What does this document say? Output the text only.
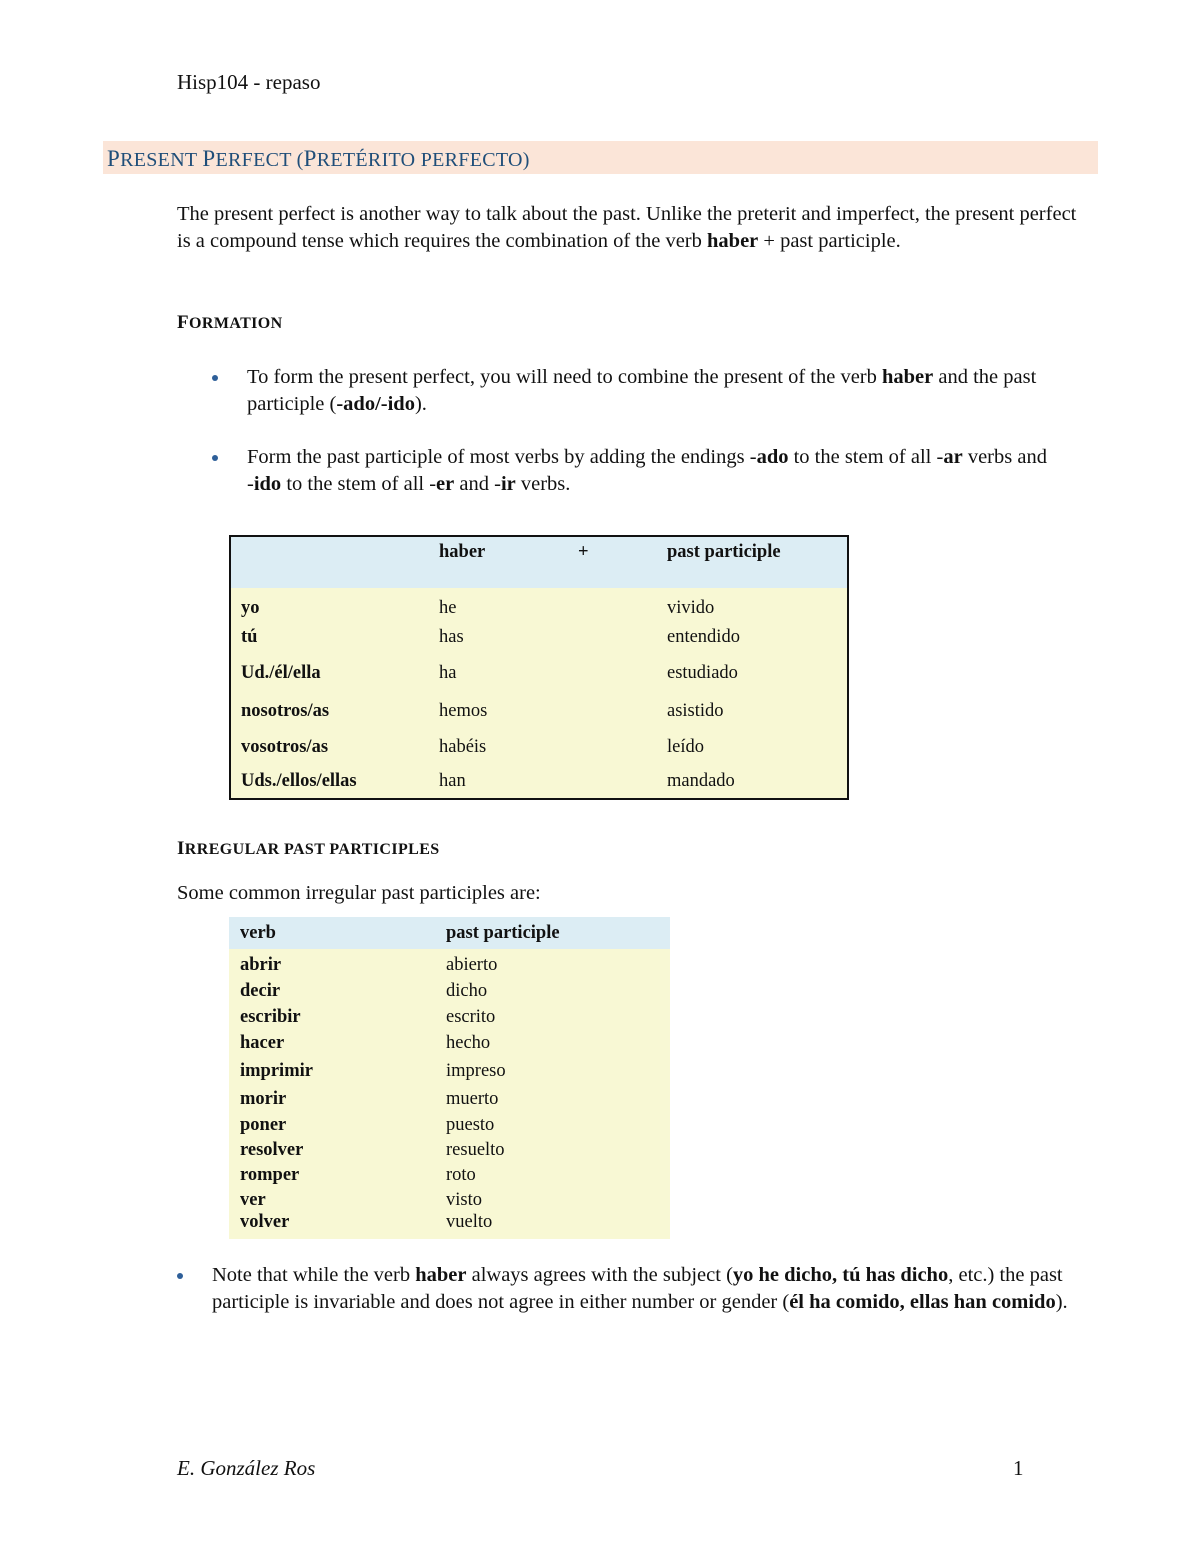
Hisp104 - repaso
PRESENT PERFECT (PRETÉRITO PERFECTO)
The present perfect is another way to talk about the past. Unlike the preterit and imperfect, the present perfect is a compound tense which requires the combination of the verb haber + past participle.
FORMATION
To form the present perfect, you will need to combine the present of the verb haber and the past participle (-ado/-ido).
Form the past participle of most verbs by adding the endings -ado to the stem of all -ar verbs and -ido to the stem of all -er and -ir verbs.
	haber	+	past participle
yo	he		vivido
tú	has		entendido
Ud./él/ella	ha		estudiado
nosotros/as	hemos		asistido
vosotros/as	habéis		leído
Uds./ellos/ellas	han		mandado
IRREGULAR PAST PARTICIPLES
Some common irregular past participles are:
verb	past participle
abrir	abierto
decir	dicho
escribir	escrito
hacer	hecho
imprimir	impreso
morir	muerto
poner	puesto
resolver	resuelto
romper	roto
ver	visto
volver	vuelto
Note that while the verb haber always agrees with the subject (yo he dicho, tú has dicho, etc.) the past participle is invariable and does not agree in either number or gender (él ha comido, ellas han comido).
E. González Ros	1
